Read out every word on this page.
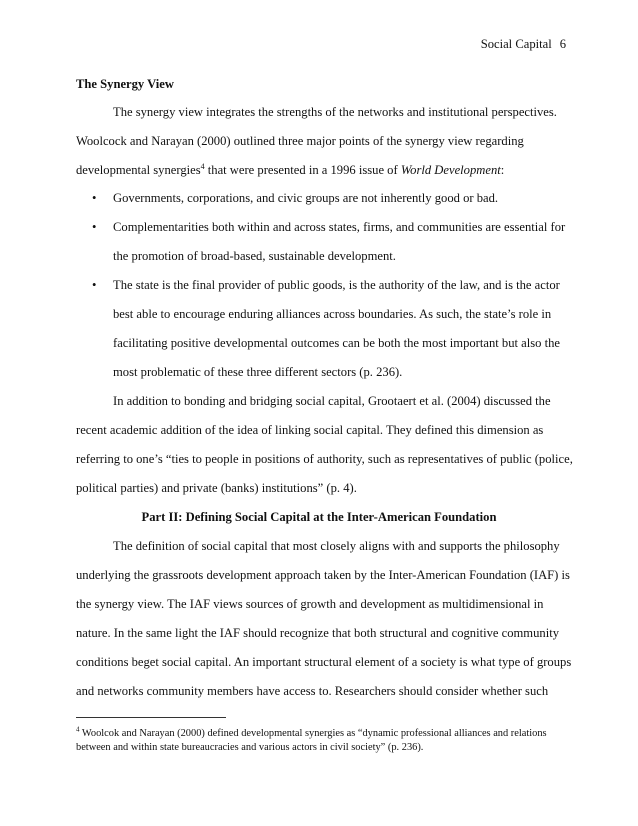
Social Capital 6
The Synergy View
The synergy view integrates the strengths of the networks and institutional perspectives.
Woolcock and Narayan (2000) outlined three major points of the synergy view regarding
developmental synergies$^4$ that were presented in a 1996 issue of World Development:
• Governments, corporations, and civic groups are not inherently good or bad.
• Complementarities both within and across states, firms, and communities are essential for
the promotion of broad-based, sustainable development.
• The state is the final provider of public goods, is the authority of the law, and is the actor
best able to encourage enduring alliances across boundaries. As such, the state’s role in
facilitating positive developmental outcomes can be both the most important but also the
most problematic of these three different sectors (p. 236).
In addition to bonding and bridging social capital, Grootaert et al. (2004) discussed the
recent academic addition of the idea of linking social capital. They defined this dimension as
referring to one’s “ties to people in positions of authority, such as representatives of public (police,
political parties) and private (banks) institutions” (p. 4).
Part II: Defining Social Capital at the Inter-American Foundation
The definition of social capital that most closely aligns with and supports the philosophy
underlying the grassroots development approach taken by the Inter-American Foundation (IAF) is
the synergy view. The IAF views sources of growth and development as multidimensional in
nature. In the same light the IAF should recognize that both structural and cognitive community
conditions beget social capital. An important structural element of a society is what type of groups
and networks community members have access to. Researchers should consider whether such
$^4$ Woolcok and Narayan (2000) defined developmental synergies as “dynamic professional alliances and relations
between and within state bureaucracies and various actors in civil society” (p. 236).
